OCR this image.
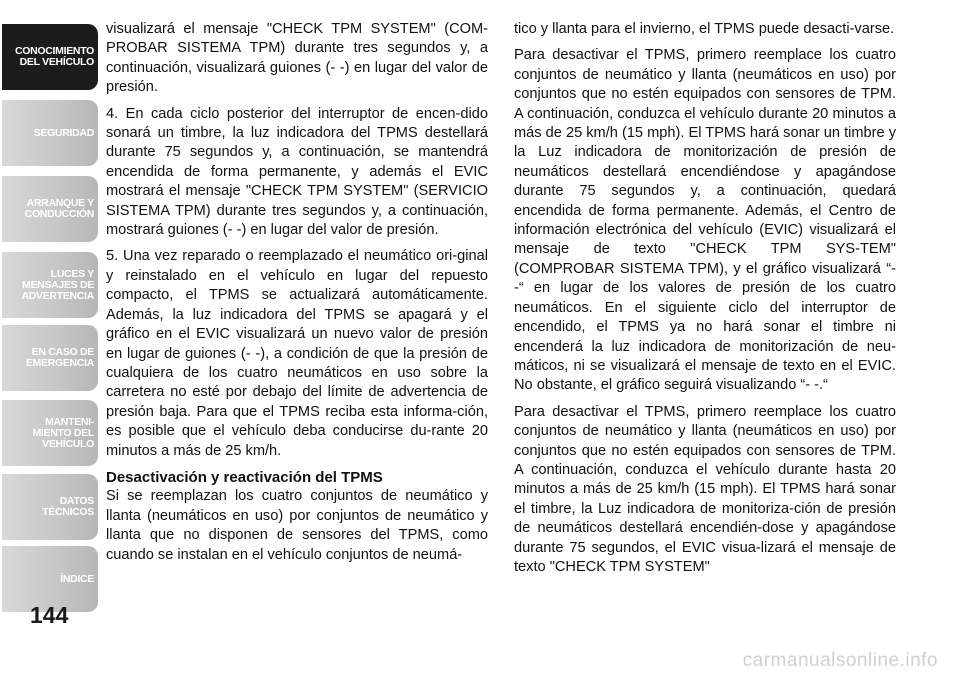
CONOCIMIENTO
DEL VEHÍCULO
SEGURIDAD
ARRANQUE Y
CONDUCCIÓN
LUCES Y
MENSAJES DE
ADVERTENCIA
EN CASO DE
EMERGENCIA
MANTENI-
MIENTO DEL
VEHÍCULO
DATOS
TÉCNICOS
ÍNDICE
144

visualizará el mensaje "CHECK TPM SYSTEM" (COM-PROBAR SISTEMA TPM) durante tres segundos y, a continuación, visualizará guiones (- -) en lugar del valor de presión.

4. En cada ciclo posterior del interruptor de encen-dido sonará un timbre, la luz indicadora del TPMS destellará durante 75 segundos y, a continuación, se mantendrá encendida de forma permanente, y además el EVIC mostrará el mensaje "CHECK TPM SYSTEM" (SERVICIO SISTEMA TPM) durante tres segundos y, a continuación, mostrará guiones (- -) en lugar del valor de presión.

5. Una vez reparado o reemplazado el neumático ori-ginal y reinstalado en el vehículo en lugar del repuesto compacto, el TPMS se actualizará automáticamente. Además, la luz indicadora del TPMS se apagará y el gráfico en el EVIC visualizará un nuevo valor de presión en lugar de guiones (- -), a condición de que la presión de cualquiera de los cuatro neumáticos en uso sobre la carretera no esté por debajo del límite de advertencia de presión baja. Para que el TPMS reciba esta informa-ción, es posible que el vehículo deba conducirse du-rante 20 minutos a más de 25 km/h.

Desactivación y reactivación del TPMS

Si se reemplazan los cuatro conjuntos de neumático y llanta (neumáticos en uso) por conjuntos de neumático y llanta que no disponen de sensores del TPMS, como cuando se instalan en el vehículo conjuntos de neumá-

tico y llanta para el invierno, el TPMS puede desacti-varse.

Para desactivar el TPMS, primero reemplace los cuatro conjuntos de neumático y llanta (neumáticos en uso) por conjuntos que no estén equipados con sensores de TPM. A continuación, conduzca el vehículo durante 20 minutos a más de 25 km/h (15 mph). El TPMS hará sonar un timbre y la Luz indicadora de monitorización de presión de neumáticos destellará encendiéndose y apagándose durante 75 segundos y, a continuación, quedará encendida de forma permanente. Además, el Centro de información electrónica del vehículo (EVIC) visualizará el mensaje de texto "CHECK TPM SYS-TEM" (COMPROBAR SISTEMA TPM), y el gráfico visualizará “- -“ en lugar de los valores de presión de los cuatro neumáticos. En el siguiente ciclo del interruptor de encendido, el TPMS ya no hará sonar el timbre ni encenderá la luz indicadora de monitorización de neu-máticos, ni se visualizará el mensaje de texto en el EVIC. No obstante, el gráfico seguirá visualizando “- -.“

Para desactivar el TPMS, primero reemplace los cuatro conjuntos de neumático y llanta (neumáticos en uso) por conjuntos que no estén equipados con sensores de TPM. A continuación, conduzca el vehículo durante hasta 20 minutos a más de 25 km/h (15 mph). El TPMS hará sonar el timbre, la Luz indicadora de monitoriza-ción de presión de neumáticos destellará encendién-dose y apagándose durante 75 segundos, el EVIC visua-lizará el mensaje de texto "CHECK TPM SYSTEM"

carmanualsonline.info
